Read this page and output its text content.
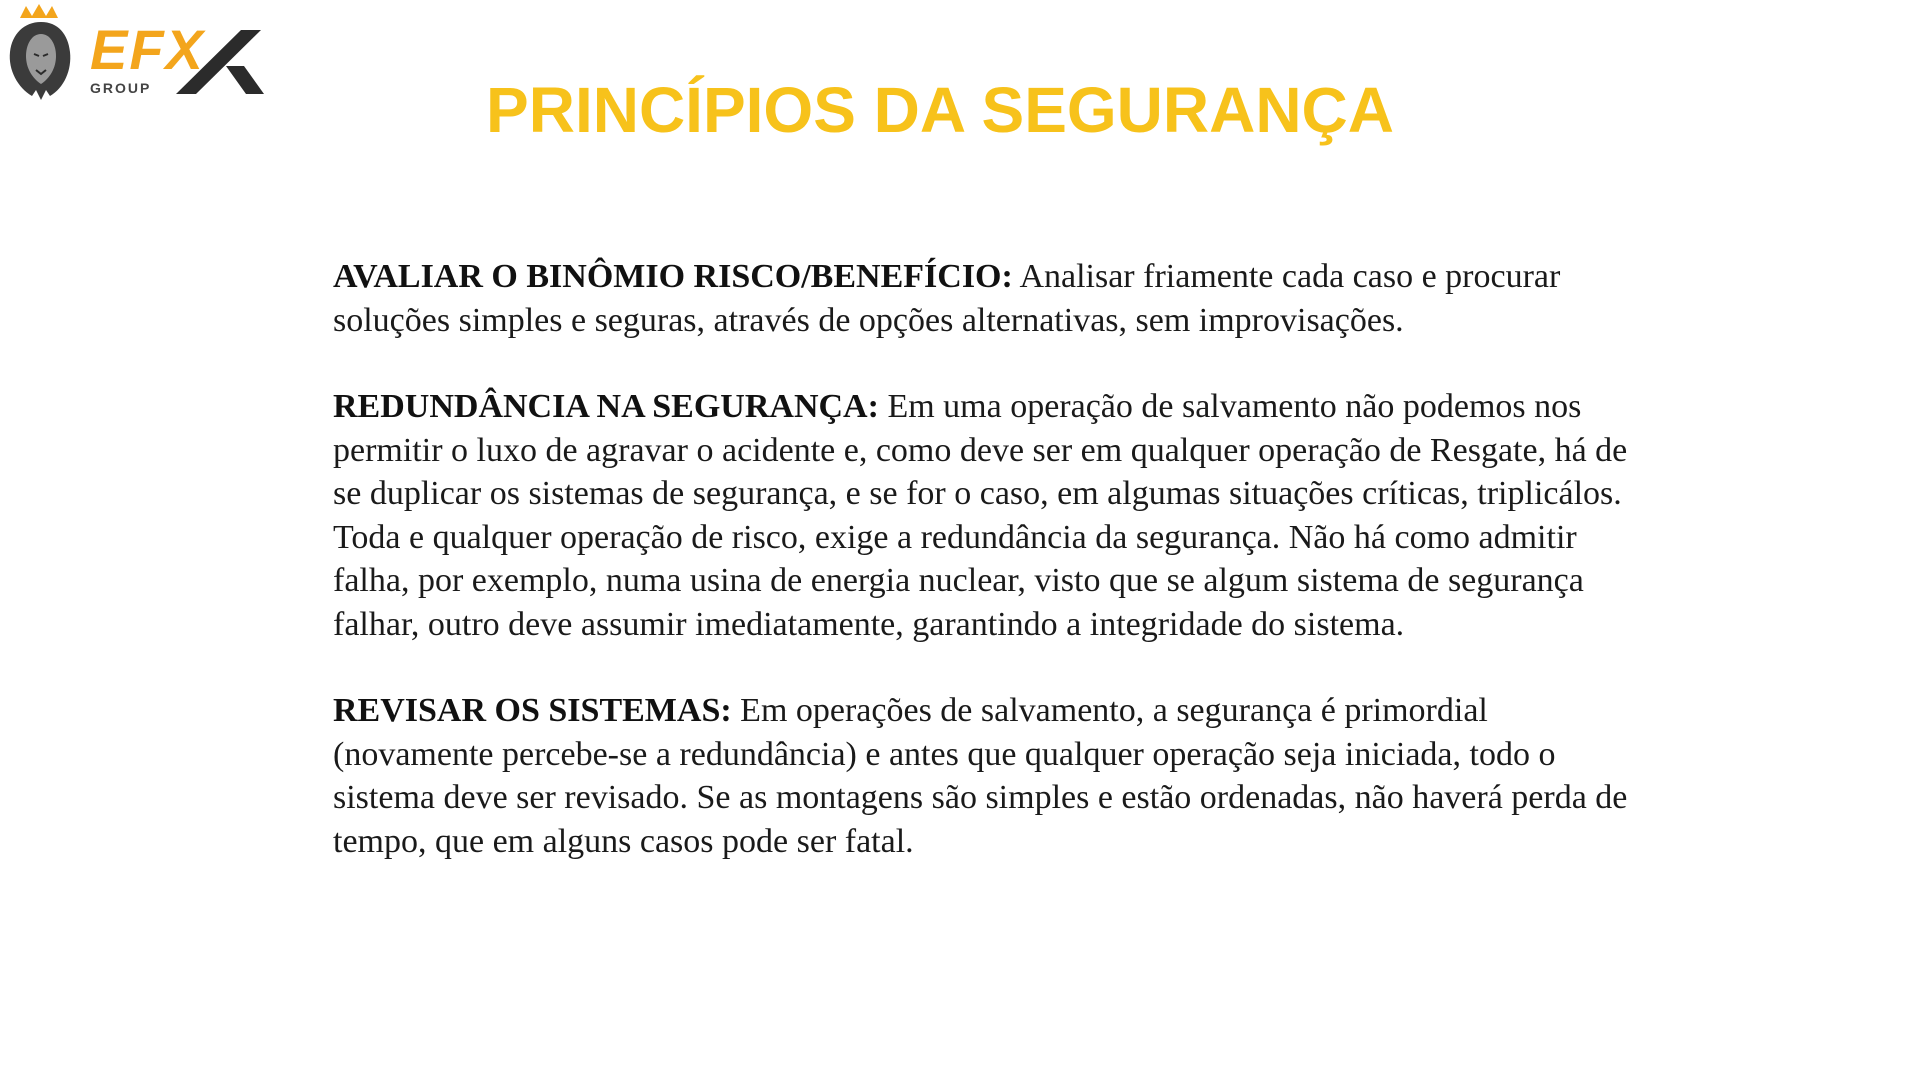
EFX
GROUP	PRINCÍPIOS DA SEGURANÇA

AVALIAR O BINÔMIO RISCO/BENEFÍCIO: Analisar friamente cada caso e procurar soluções simples e seguras, através de opções alternativas, sem improvisações.

REDUNDÂNCIA NA SEGURANÇA: Em uma operação de salvamento não podemos nos permitir o luxo de agravar o acidente e, como deve ser em qualquer operação de Resgate, há de se duplicar os sistemas de segurança, e se for o caso, em algumas situações críticas, triplicálos. Toda e qualquer operação de risco, exige a redundância da segurança. Não há como admitir falha, por exemplo, numa usina de energia nuclear, visto que se algum sistema de segurança falhar, outro deve assumir imediatamente, garantindo a integridade do sistema.

REVISAR OS SISTEMAS: Em operações de salvamento, a segurança é primordial (novamente percebe-se a redundância) e antes que qualquer operação seja iniciada, todo o sistema deve ser revisado. Se as montagens são simples e estão ordenadas, não haverá perda de tempo, que em alguns casos pode ser fatal.
